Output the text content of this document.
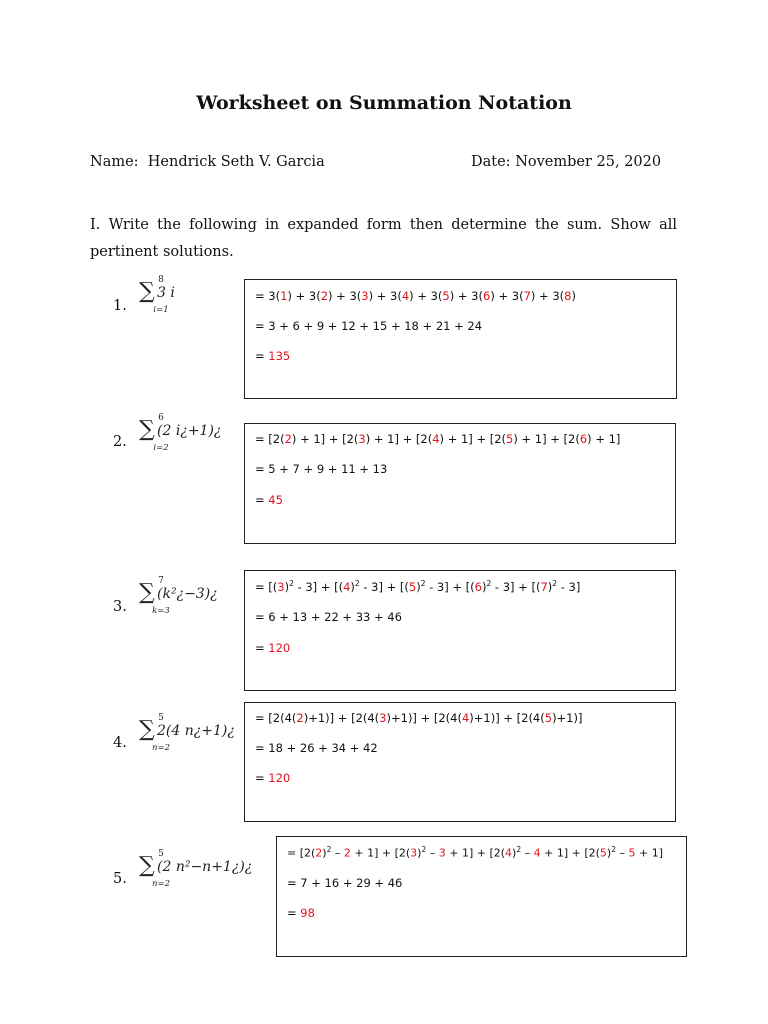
Worksheet on Summation Notation
Name: Hendrick Seth V. Garcia	Date: November 25, 2020
I. Write the following in expanded form then determine the sum. Show all pertinent solutions.
1.
8
∑
i=1
3 i	= 3(1) + 3(2) + 3(3) + 3(4) + 3(5) + 3(6) + 3(7) + 3(8)
= 3 + 6 + 9 + 12 + 15 + 18 + 21 + 24
= 135
2.
6
∑
i=2
(2 i¿+1)¿	= [2(2) + 1] + [2(3) + 1] + [2(4) + 1] + [2(5) + 1] + [2(6) + 1]
= 5 + 7 + 9 + 11 + 13
= 45
3.
7
∑
k=3
(k²¿−3)¿	= $[(3)^2 - 3] + [(4)^2 - 3] + [(5)^2 - 3] + [(6)^2 - 3] + [(7)^2 - 3]$
= 6 + 13 + 22 + 33 + 46
= 120
4.
5
∑
n=2
2(4 n¿+1)¿
= [2(4(2)+1)] + [2(4(3)+1)] + [2(4(4)+1)] + [2(4(5)+1)]
= 18 + 26 + 34 + 42
= 120
5.
5
∑
n=2
(2 n²−n+1¿)¿
= $[2(2)^2 - 2 + 1] + [2(3)^2 - 3 + 1] + [2(4)^2 - 4 + 1] + [2(5)^2 - 5 + 1]$
= 7 + 16 + 29 + 46
= 98
